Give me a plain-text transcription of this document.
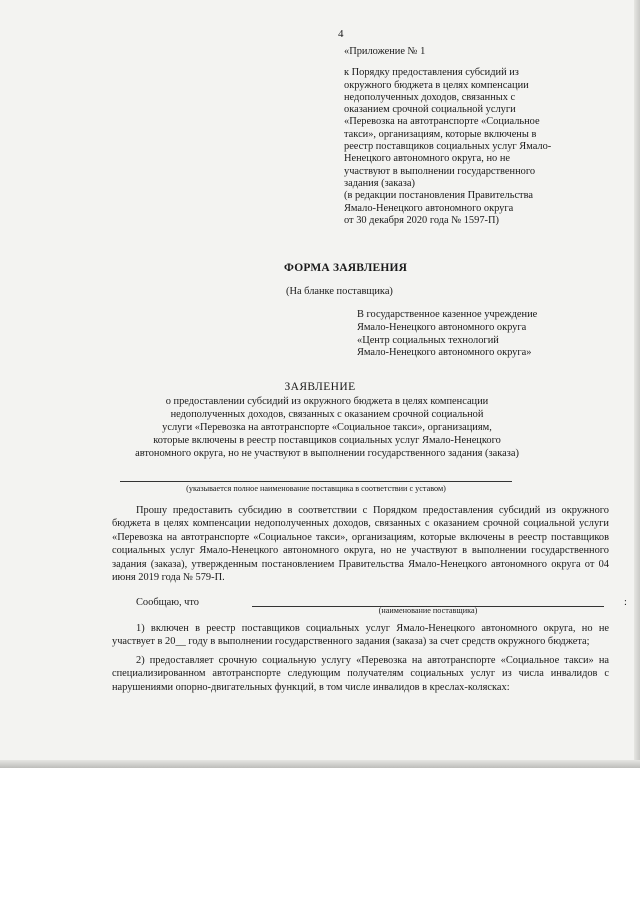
4
«Приложение № 1
к Порядку предоставления субсидий из
окружного бюджета в целях компенсации
недополученных доходов, связанных с
оказанием срочной социальной услуги
«Перевозка на автотранспорте «Социальное
такси», организациям, которые включены в
реестр поставщиков социальных услуг Ямало-
Ненецкого автономного округа, но не
участвуют в выполнении государственного
задания (заказа)
(в редакции постановления Правительства
Ямало-Ненецкого автономного округа
от 30 декабря 2020 года № 1597-П)
ФОРМА ЗАЯВЛЕНИЯ
(На бланке поставщика)
В государственное казенное учреждение
Ямало-Ненецкого автономного округа
«Центр социальных технологий
Ямало-Ненецкого автономного округа»
ЗАЯВЛЕНИЕ
о предоставлении субсидий из окружного бюджета в целях компенсации
недополученных доходов, связанных с оказанием срочной социальной
услуги «Перевозка на автотранспорте «Социальное такси», организациям,
которые включены в реестр поставщиков социальных услуг Ямало-Ненецкого
автономного округа, но не участвуют в выполнении государственного задания (заказа)
(указывается полное наименование поставщика в соответствии с уставом)
Прошу предоставить субсидию в соответствии с Порядком предоставления субсидий из окружного бюджета в целях компенсации недополученных доходов, связанных с оказанием срочной социальной услуги «Перевозка на автотранспорте «Социальное такси», организациям, которые включены в реестр поставщиков социальных услуг Ямало-Ненецкого автономного округа, но не участвуют в выполнении государственного задания (заказа), утвержденным постановлением Правительства Ямало-Ненецкого автономного округа от 04 июня 2019 года № 579-П.
Сообщаю, что	:
(наименование поставщика)
1) включен в реестр поставщиков социальных услуг Ямало-Ненецкого автономного округа, но не участвует в 20__ году в выполнении государственного задания (заказа) за счет средств окружного бюджета;
2) предоставляет срочную социальную услугу «Перевозка на автотранспорте «Социальное такси» на специализированном автотранспорте следующим получателям социальных услуг из числа инвалидов с нарушениями опорно-двигательных функций, в том числе инвалидов в креслах-колясках:
